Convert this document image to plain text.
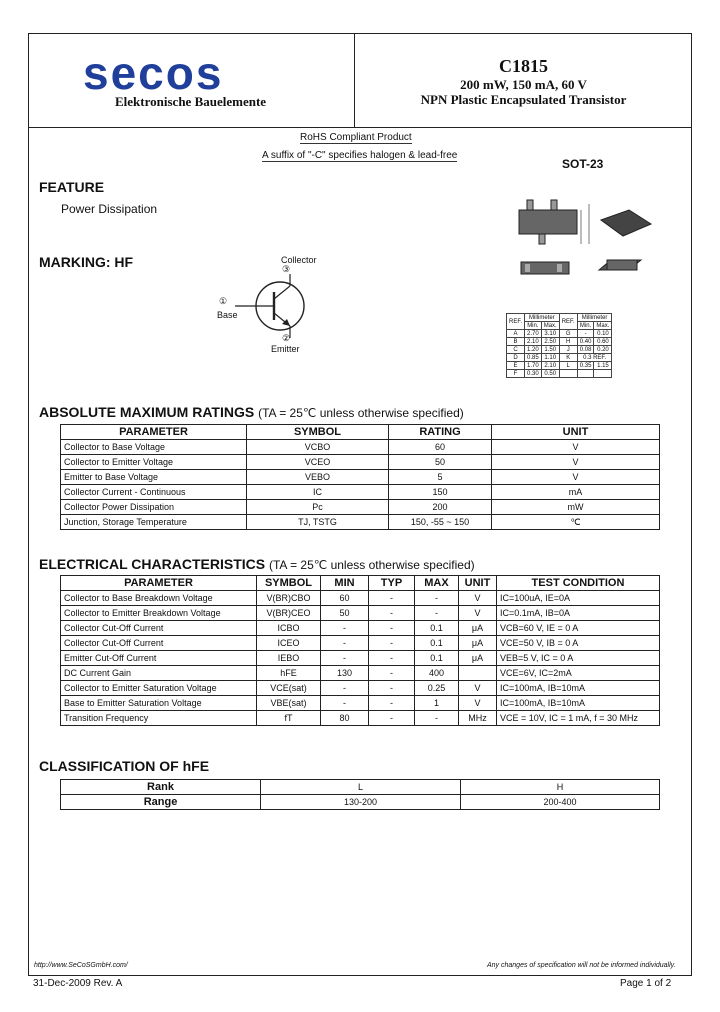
secos
Elektronische Bauelemente
C1815
200 mW, 150 mA, 60 V
NPN Plastic Encapsulated Transistor
RoHS Compliant Product
A suffix of "-C" specifies halogen & lead-free
SOT-23
FEATURE
Power Dissipation
MARKING: HF	Collector
③
①
Base
②
Emitter
REF.	Millimeter		REF.	Millimeter	
	Min.	Max.		Min.	Max.
A	2.70	3.10	G	-	0.10
B	2.10	2.50	H	0.40	0.60
C	1.20	1.50	J	0.08	0.20
D	0.85	1.10	K	0.3 REF.	
E	1.70	2.10	L	0.35	1.15
F	0.30	0.50			
ABSOLUTE MAXIMUM RATINGS (TA = 25℃ unless otherwise specified)
PARAMETER	SYMBOL	RATING	UNIT
Collector to Base Voltage	VCBO	60	V
Collector to Emitter Voltage	VCEO	50	V
Emitter to Base Voltage	VEBO	5	V
Collector Current - Continuous	IC	150	mA
Collector Power Dissipation	Pc	200	mW
Junction, Storage Temperature	TJ, TSTG	150, -55 ~ 150	℃
ELECTRICAL CHARACTERISTICS (TA = 25℃ unless otherwise specified)
PARAMETER	SYMBOL	MIN	TYP	MAX	UNIT	TEST CONDITION
Collector to Base Breakdown Voltage	V(BR)CBO	60	-	-	V	IC=100uA, IE=0A
Collector to Emitter Breakdown Voltage	V(BR)CEO	50	-	-	V	IC=0.1mA, IB=0A
Collector Cut-Off Current	ICBO	-	-	0.1	μA	VCB=60 V, IE = 0 A
Collector Cut-Off Current	ICEO	-	-	0.1	μA	VCE=50 V, IB = 0 A
Emitter Cut-Off Current	IEBO	-	-	0.1	μA	VEB=5 V, IC = 0 A
DC Current Gain	hFE	130	-	400		VCE=6V, IC=2mA
Collector to Emitter Saturation Voltage	VCE(sat)	-	-	0.25	V	IC=100mA, IB=10mA
Base to Emitter Saturation Voltage	VBE(sat)	-	-	1	V	IC=100mA, IB=10mA
Transition Frequency	fT	80	-	-	MHz	VCE = 10V, IC = 1 mA, f = 30 MHz
CLASSIFICATION OF hFE
Rank	L	H
Range	130-200	200-400
http://www.SeCoSGmbH.com/	Any changes of specification will not be informed individually.
31-Dec-2009 Rev. A	Page 1 of 2
